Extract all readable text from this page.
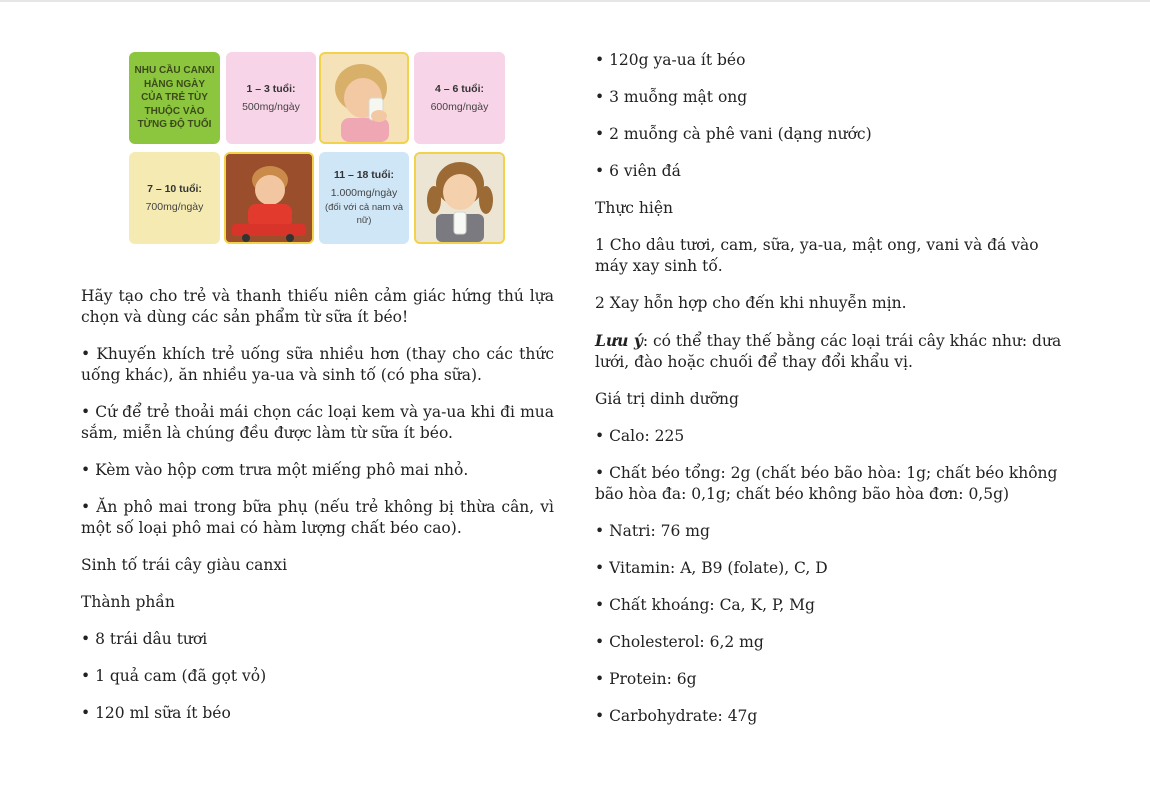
NHU CẦU CANXI HẰNG NGÀY CỦA TRẺ TÙY THUỘC VÀO TỪNG ĐỘ TUỔI
1 – 3 tuổi:
500mg/ngày
4 – 6 tuổi:
600mg/ngày
7 – 10 tuổi:
700mg/ngày
11 – 18 tuổi:
1.000mg/ngày
(đối với cả nam và nữ)

Hãy tạo cho trẻ và thanh thiếu niên cảm giác hứng thú lựa chọn và dùng các sản phẩm từ sữa ít béo!

• Khuyến khích trẻ uống sữa nhiều hơn (thay cho các thức uống khác), ăn nhiều ya-ua và sinh tố (có pha sữa).

• Cứ để trẻ thoải mái chọn các loại kem và ya-ua khi đi mua sắm, miễn là chúng đều được làm từ sữa ít béo.

• Kèm vào hộp cơm trưa một miếng phô mai nhỏ.

• Ăn phô mai trong bữa phụ (nếu trẻ không bị thừa cân, vì một số loại phô mai có hàm lượng chất béo cao).

Sinh tố trái cây giàu canxi

Thành phần

• 8 trái dâu tươi

• 1 quả cam (đã gọt vỏ)

• 120 ml sữa ít béo

• 120g ya-ua ít béo

• 3 muỗng mật ong

• 2 muỗng cà phê vani (dạng nước)

• 6 viên đá

Thực hiện

1 Cho dâu tươi, cam, sữa, ya-ua, mật ong, vani và đá vào máy xay sinh tố.

2 Xay hỗn hợp cho đến khi nhuyễn mịn.

Lưu ý: có thể thay thế bằng các loại trái cây khác như: dưa lưới, đào hoặc chuối để thay đổi khẩu vị.

Giá trị dinh dưỡng

• Calo: 225

• Chất béo tổng: 2g (chất béo bão hòa: 1g; chất béo không bão hòa đa: 0,1g; chất béo không bão hòa đơn: 0,5g)

• Natri: 76 mg

• Vitamin: A, B9 (folate), C, D

• Chất khoáng: Ca, K, P, Mg

• Cholesterol: 6,2 mg

• Protein: 6g

• Carbohydrate: 47g
